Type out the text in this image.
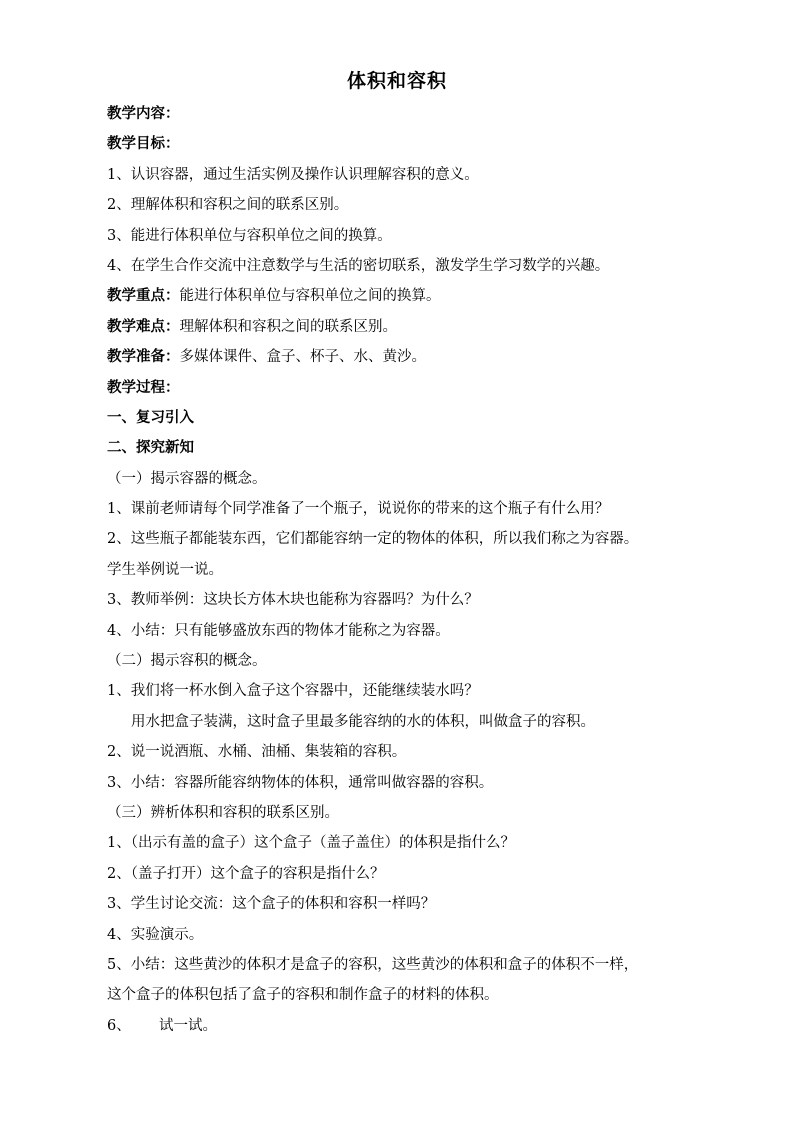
体积和容积
教学内容：
教学目标：
1、认识容器，通过生活实例及操作认识理解容积的意义。
2、理解体积和容积之间的联系区别。
3、能进行体积单位与容积单位之间的换算。
4、在学生合作交流中注意数学与生活的密切联系，激发学生学习数学的兴趣。
教学重点：能进行体积单位与容积单位之间的换算。
教学难点：理解体积和容积之间的联系区别。
教学准备：多媒体课件、盒子、杯子、水、黄沙。
教学过程：
一、复习引入
二、探究新知
（一）揭示容器的概念。
1、课前老师请每个同学准备了一个瓶子，说说你的带来的这个瓶子有什么用？
2、这些瓶子都能装东西，它们都能容纳一定的物体的体积，所以我们称之为容器。
学生举例说一说。
3、教师举例：这块长方体木块也能称为容器吗？为什么？
4、小结：只有能够盛放东西的物体才能称之为容器。
（二）揭示容积的概念。
1、我们将一杯水倒入盒子这个容器中，还能继续装水吗？
用水把盒子装满，这时盒子里最多能容纳的水的体积，叫做盒子的容积。
2、说一说酒瓶、水桶、油桶、集装箱的容积。
3、小结：容器所能容纳物体的体积，通常叫做容器的容积。
（三）辨析体积和容积的联系区别。
1、（出示有盖的盒子）这个盒子（盖子盖住）的体积是指什么？
2、（盖子打开）这个盒子的容积是指什么？
3、学生讨论交流：这个盒子的体积和容积一样吗？
4、实验演示。
5、小结：这些黄沙的体积才是盒子的容积，这些黄沙的体积和盒子的体积不一样，
这个盒子的体积包括了盒子的容积和制作盒子的材料的体积。
6、 试一试。
